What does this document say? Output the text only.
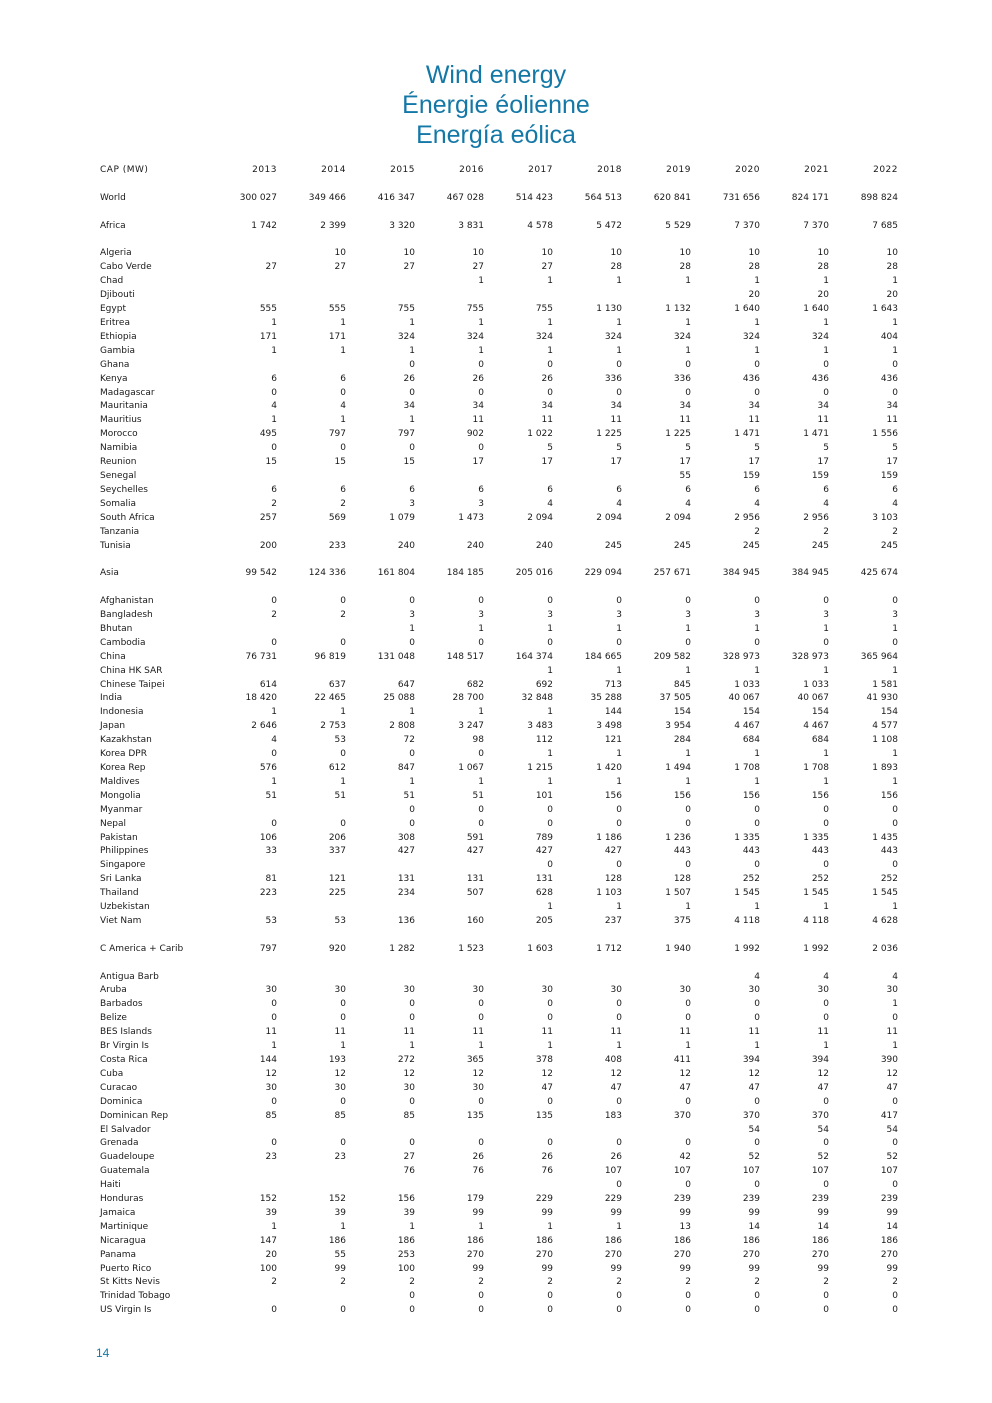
Wind energy
Énergie éolienne
Energía eólica
CAP (MW)	2013	2014	2015	2016	2017	2018	2019	2020	2021	2022

World	300 027	349 466	416 347	467 028	514 423	564 513	620 841	731 656	824 171	898 824

Africa	1 742	2 399	3 320	3 831	4 578	5 472	5 529	7 370	7 370	7 685

Algeria		10	10	10	10	10	10	10	10	10
Cabo Verde	27	27	27	27	27	28	28	28	28	28
Chad				1	1	1	1	1	1	1
Djibouti								20	20	20
Egypt	555	555	755	755	755	1 130	1 132	1 640	1 640	1 643
Eritrea	1	1	1	1	1	1	1	1	1	1
Ethiopia	171	171	324	324	324	324	324	324	324	404
Gambia	1	1	1	1	1	1	1	1	1	1
Ghana			0	0	0	0	0	0	0	0
Kenya	6	6	26	26	26	336	336	436	436	436
Madagascar	0	0	0	0	0	0	0	0	0	0
Mauritania	4	4	34	34	34	34	34	34	34	34
Mauritius	1	1	1	11	11	11	11	11	11	11
Morocco	495	797	797	902	1 022	1 225	1 225	1 471	1 471	1 556
Namibia	0	0	0	0	5	5	5	5	5	5
Reunion	15	15	15	17	17	17	17	17	17	17
Senegal							55	159	159	159
Seychelles	6	6	6	6	6	6	6	6	6	6
Somalia	2	2	3	3	4	4	4	4	4	4
South Africa	257	569	1 079	1 473	2 094	2 094	2 094	2 956	2 956	3 103
Tanzania								2	2	2
Tunisia	200	233	240	240	240	245	245	245	245	245

Asia	99 542	124 336	161 804	184 185	205 016	229 094	257 671	384 945	384 945	425 674

Afghanistan	0	0	0	0	0	0	0	0	0	0
Bangladesh	2	2	3	3	3	3	3	3	3	3
Bhutan			1	1	1	1	1	1	1	1
Cambodia	0	0	0	0	0	0	0	0	0	0
China	76 731	96 819	131 048	148 517	164 374	184 665	209 582	328 973	328 973	365 964
China HK SAR					1	1	1	1	1	1
Chinese Taipei	614	637	647	682	692	713	845	1 033	1 033	1 581
India	18 420	22 465	25 088	28 700	32 848	35 288	37 505	40 067	40 067	41 930
Indonesia	1	1	1	1	1	144	154	154	154	154
Japan	2 646	2 753	2 808	3 247	3 483	3 498	3 954	4 467	4 467	4 577
Kazakhstan	4	53	72	98	112	121	284	684	684	1 108
Korea DPR	0	0	0	0	1	1	1	1	1	1
Korea Rep	576	612	847	1 067	1 215	1 420	1 494	1 708	1 708	1 893
Maldives	1	1	1	1	1	1	1	1	1	1
Mongolia	51	51	51	51	101	156	156	156	156	156
Myanmar			0	0	0	0	0	0	0	0
Nepal	0	0	0	0	0	0	0	0	0	0
Pakistan	106	206	308	591	789	1 186	1 236	1 335	1 335	1 435
Philippines	33	337	427	427	427	427	443	443	443	443
Singapore					0	0	0	0	0	0
Sri Lanka	81	121	131	131	131	128	128	252	252	252
Thailand	223	225	234	507	628	1 103	1 507	1 545	1 545	1 545
Uzbekistan					1	1	1	1	1	1
Viet Nam	53	53	136	160	205	237	375	4 118	4 118	4 628

C America + Carib	797	920	1 282	1 523	1 603	1 712	1 940	1 992	1 992	2 036

Antigua Barb								4	4	4
Aruba	30	30	30	30	30	30	30	30	30	30
Barbados	0	0	0	0	0	0	0	0	0	1
Belize	0	0	0	0	0	0	0	0	0	0
BES Islands	11	11	11	11	11	11	11	11	11	11
Br Virgin Is	1	1	1	1	1	1	1	1	1	1
Costa Rica	144	193	272	365	378	408	411	394	394	390
Cuba	12	12	12	12	12	12	12	12	12	12
Curacao	30	30	30	30	47	47	47	47	47	47
Dominica	0	0	0	0	0	0	0	0	0	0
Dominican Rep	85	85	85	135	135	183	370	370	370	417
El Salvador								54	54	54
Grenada	0	0	0	0	0	0	0	0	0	0
Guadeloupe	23	23	27	26	26	26	42	52	52	52
Guatemala			76	76	76	107	107	107	107	107
Haiti						0	0	0	0	0
Honduras	152	152	156	179	229	229	239	239	239	239
Jamaica	39	39	39	99	99	99	99	99	99	99
Martinique	1	1	1	1	1	1	13	14	14	14
Nicaragua	147	186	186	186	186	186	186	186	186	186
Panama	20	55	253	270	270	270	270	270	270	270
Puerto Rico	100	99	100	99	99	99	99	99	99	99
St Kitts Nevis	2	2	2	2	2	2	2	2	2	2
Trinidad Tobago			0	0	0	0	0	0	0	0
US Virgin Is	0	0	0	0	0	0	0	0	0	0
14
